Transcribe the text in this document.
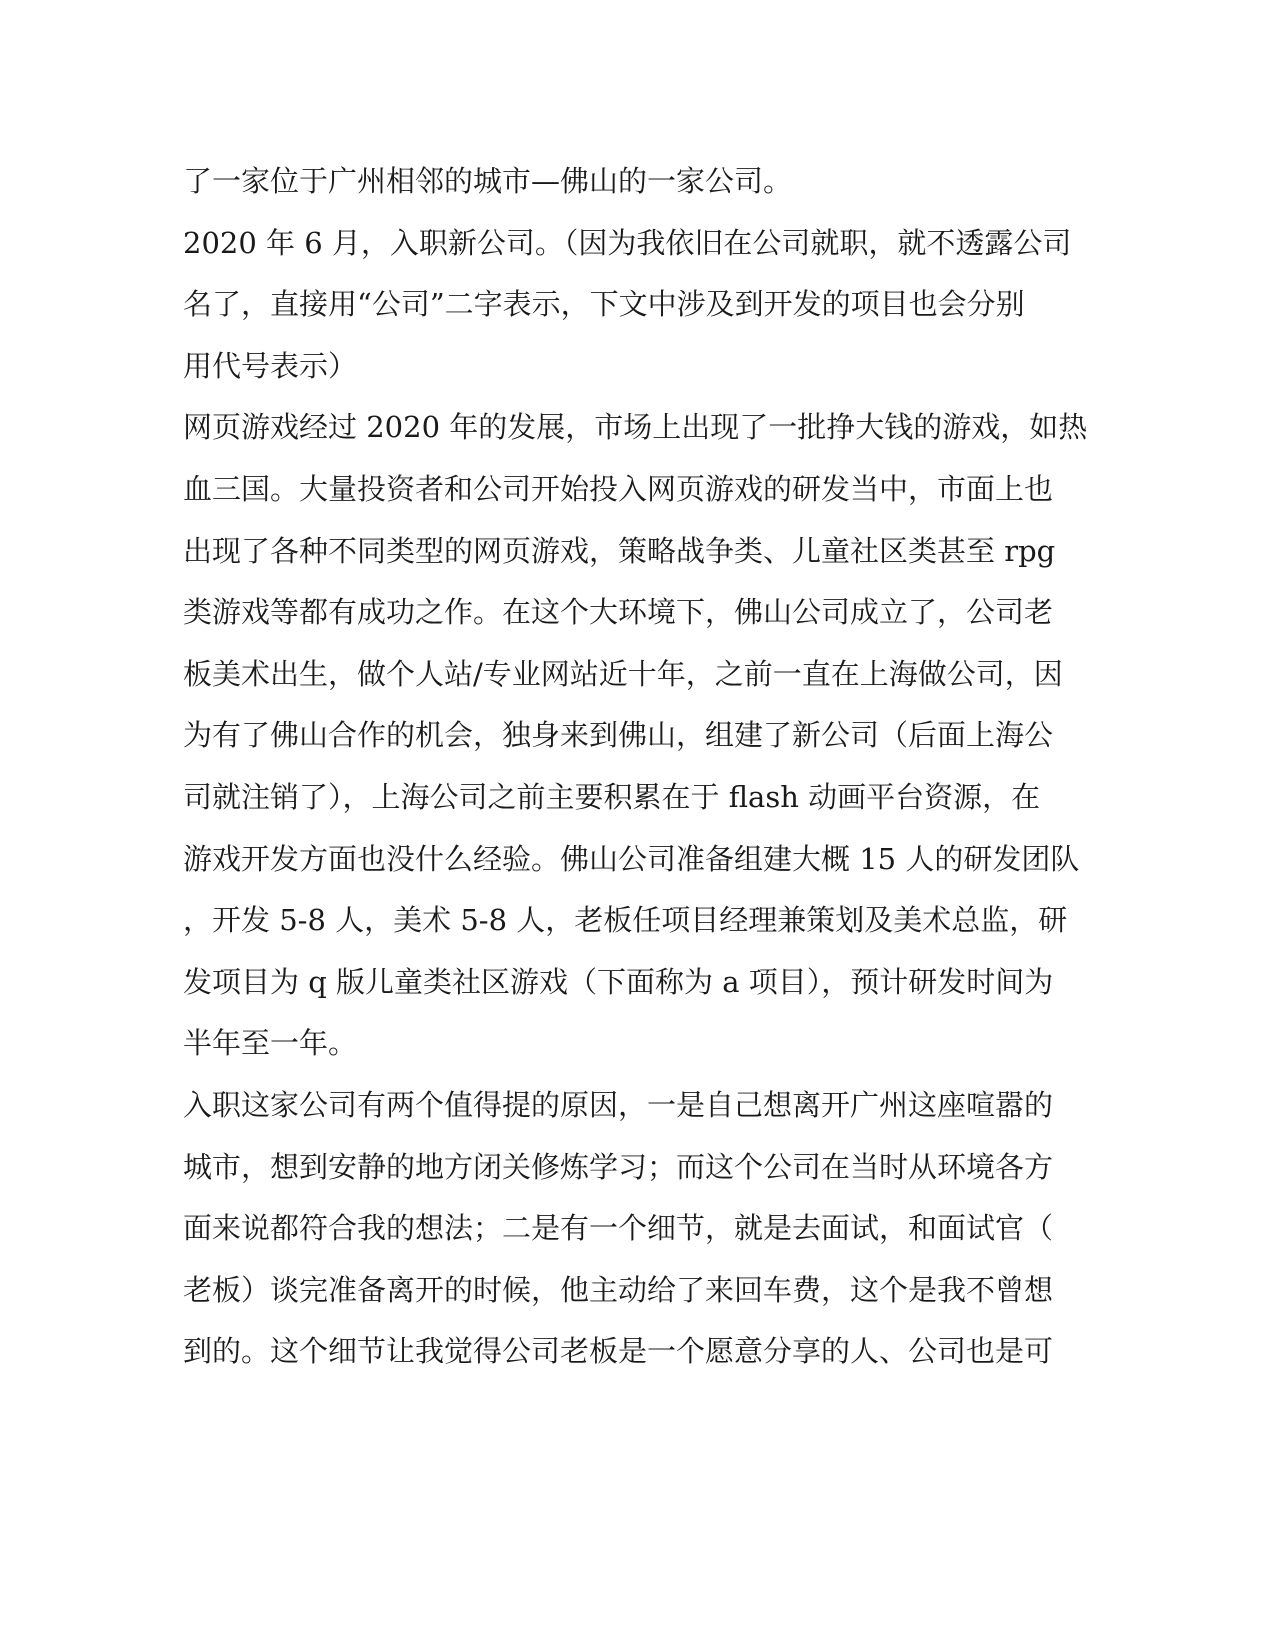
了一家位于广州相邻的城市—佛山的一家公司。
2020 年 6 月，入职新公司。（因为我依旧在公司就职，就不透露公司
名了，直接用“公司”二字表示，下文中涉及到开发的项目也会分别
用代号表示）
网页游戏经过 2020 年的发展，市场上出现了一批挣大钱的游戏，如热
血三国。大量投资者和公司开始投入网页游戏的研发当中，市面上也
出现了各种不同类型的网页游戏，策略战争类、儿童社区类甚至 rpg
类游戏等都有成功之作。在这个大环境下，佛山公司成立了，公司老
板美术出生，做个人站/专业网站近十年，之前一直在上海做公司，因
为有了佛山合作的机会，独身来到佛山，组建了新公司（后面上海公
司就注销了），上海公司之前主要积累在于 flash 动画平台资源，在
游戏开发方面也没什么经验。佛山公司准备组建大概 15 人的研发团队
，开发 5-8 人，美术 5-8 人，老板任项目经理兼策划及美术总监，研
发项目为 q 版儿童类社区游戏（下面称为 a 项目），预计研发时间为
半年至一年。
入职这家公司有两个值得提的原因，一是自己想离开广州这座喧嚣的
城市，想到安静的地方闭关修炼学习；而这个公司在当时从环境各方
面来说都符合我的想法；二是有一个细节，就是去面试，和面试官（
老板）谈完准备离开的时候，他主动给了来回车费，这个是我不曾想
到的。这个细节让我觉得公司老板是一个愿意分享的人、公司也是可
